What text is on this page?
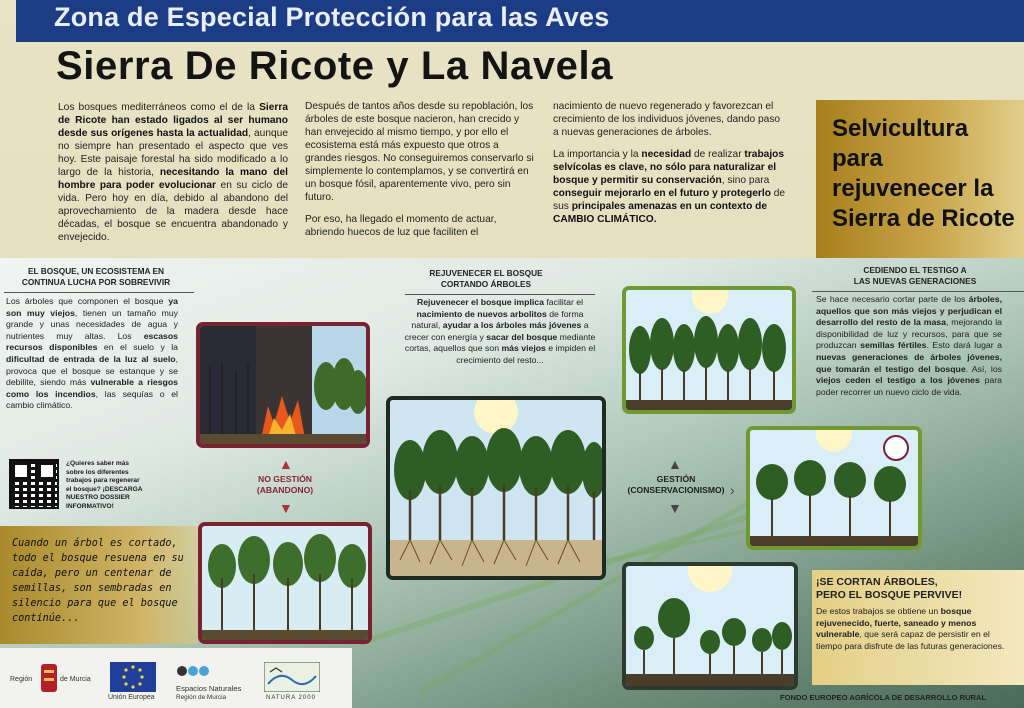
Zona de Especial Protección para las Aves
Sierra De Ricote y La Navela
Los bosques mediterráneos como el de la Sierra de Ricote han estado ligados al ser humano desde sus orígenes hasta la actualidad, aunque no siempre han presentado el aspecto que ves hoy. Este paisaje forestal ha sido modificado a lo largo de la historia, necesitando la mano del hombre para poder evolucionar en su ciclo de vida. Pero hoy en día, debido al abandono del aprovechamiento de la madera desde hace décadas, el bosque se encuentra abandonado y envejecido.

Después de tantos años desde su repoblación, los árboles de este bosque nacieron, han crecido y han envejecido al mismo tiempo, y por ello el ecosistema está más expuesto que otros a grandes riesgos. No conseguiremos conservarlo si simplemente lo contemplamos, y se convertirá en un bosque fósil, aparentemente vivo, pero sin futuro.

Por eso, ha llegado el momento de actuar, abriendo huecos de luz que faciliten el

nacimiento de nuevo regenerado y favorezcan el crecimiento de los individuos jóvenes, dando paso a nuevas generaciones de árboles.

La importancia y la necesidad de realizar trabajos selvícolas es clave, no sólo para naturalizar el bosque y permitir su conservación, sino para conseguir mejorarlo en el futuro y protegerlo de sus principales amenazas en un contexto de CAMBIO CLIMÁTICO.

Selvicultura
para
rejuvenecer la
Sierra de Ricote
EL BOSQUE, UN ECOSISTEMA EN
CONTINUA LUCHA POR SOBREVIVIR
Los árboles que componen el bosque ya son muy viejos, tienen un tamaño muy grande y unas necesidades de agua y nutrientes muy altas. Los escasos recursos disponibles en el suelo y la dificultad de entrada de la luz al suelo, provoca que el bosque se estanque y se debilite, siendo más vulnerable a riesgos como los incendios, las sequías o el cambio climático.
REJUVENECER EL BOSQUE
CORTANDO ÁRBOLES
Rejuvenecer el bosque implica facilitar el nacimiento de nuevos arbolitos de forma natural, ayudar a los árboles más jóvenes a crecer con energía y sacar del bosque mediante cortas, aquellos que son más viejos e impiden el crecimiento del resto...
CEDIENDO EL TESTIGO A
LAS NUEVAS GENERACIONES
Se hace necesario cortar parte de los árboles, aquellos que son más viejos y perjudican el desarrollo del resto de la masa, mejorando la disponibilidad de luz y recursos, para que se produzcan semillas fértiles. Esto dará lugar a nuevas generaciones de árboles jóvenes, que tomarán el testigo del bosque. Así, los viejos ceden el testigo a los jóvenes para poder recorrer un nuevo ciclo de vida.
¿Quieres saber más sobre los diferentes trabajos para regenerar el bosque? ¡DESCARGA NUESTRO DOSSIER INFORMATIVO!
NO GESTIÓN
(ABANDONO)
▲
▼
GESTIÓN
(CONSERVACIONISMO)
▲
▼
›
Cuando un árbol es cortado, todo el bosque resuena en su caída, pero un centenar de semillas, son sembradas en silencio para que el bosque continúe...
¡SE CORTAN ÁRBOLES,
PERO EL BOSQUE PERVIVE!
De estos trabajos se obtiene un bosque rejuvenecido, fuerte, saneado y menos vulnerable, que será capaz de persistir en el tiempo para disfrute de las futuras generaciones.
Región	de Murcia
Unión Europea
Espacios Naturales
Región de Murcia	NATURA 2000	FONDO EUROPEO AGRÍCOLA DE DESARROLLO RURAL
